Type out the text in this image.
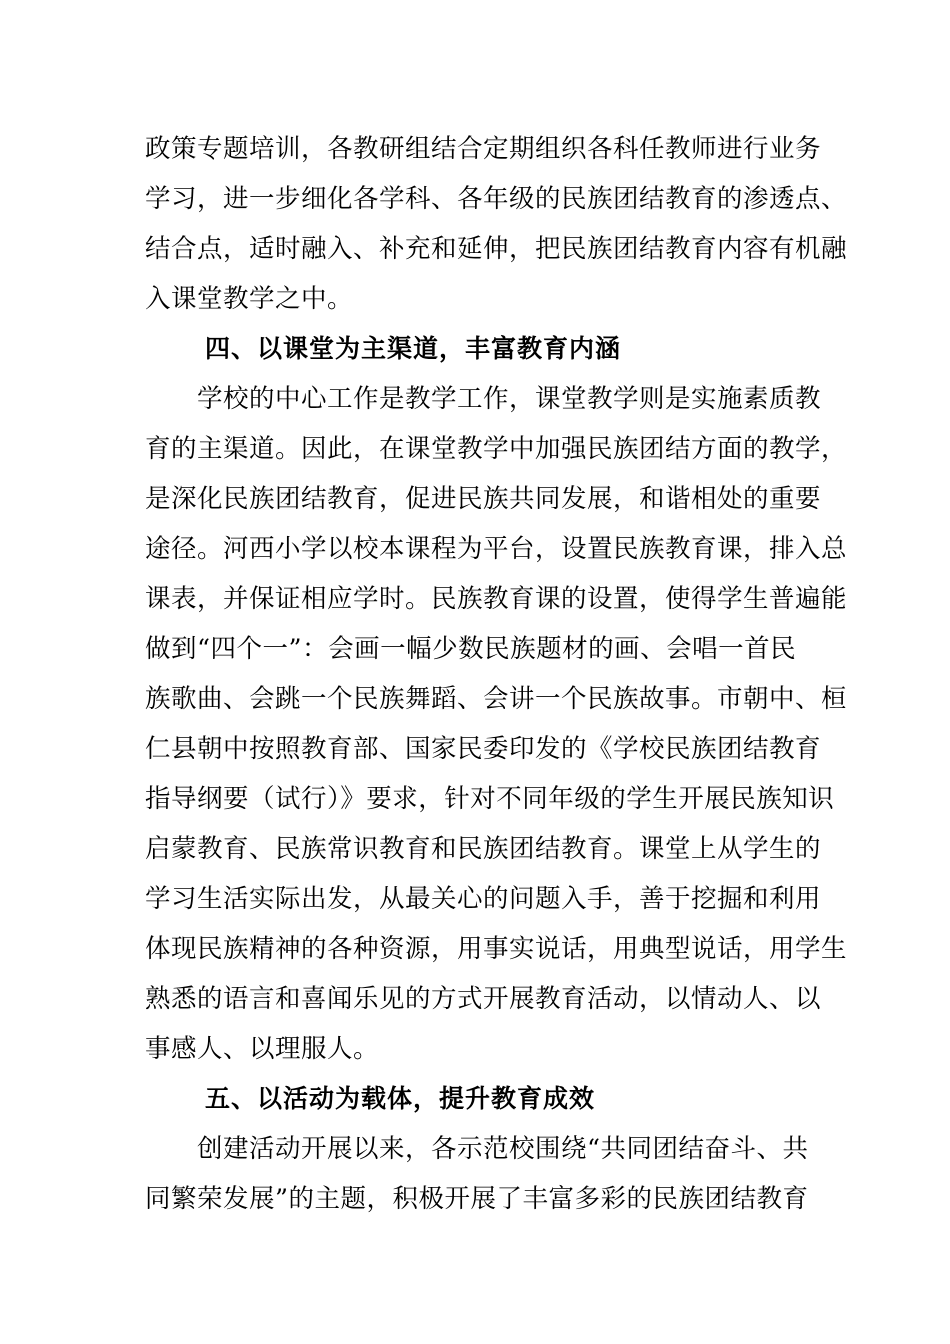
政策专题培训，各教研组结合定期组织各科任教师进行业务
学习，进一步细化各学科、各年级的民族团结教育的渗透点、
结合点，适时融入、补充和延伸，把民族团结教育内容有机融
入课堂教学之中。
四、以课堂为主渠道，丰富教育内涵
学校的中心工作是教学工作，课堂教学则是实施素质教
育的主渠道。因此，在课堂教学中加强民族团结方面的教学，
是深化民族团结教育，促进民族共同发展，和谐相处的重要
途径。河西小学以校本课程为平台，设置民族教育课，排入总
课表，并保证相应学时。民族教育课的设置，使得学生普遍能
做到“四个一”：会画一幅少数民族题材的画、会唱一首民
族歌曲、会跳一个民族舞蹈、会讲一个民族故事。市朝中、桓
仁县朝中按照教育部、国家民委印发的《学校民族团结教育
指导纲要（试行）》要求，针对不同年级的学生开展民族知识
启蒙教育、民族常识教育和民族团结教育。课堂上从学生的
学习生活实际出发，从最关心的问题入手，善于挖掘和利用
体现民族精神的各种资源，用事实说话，用典型说话，用学生
熟悉的语言和喜闻乐见的方式开展教育活动，以情动人、以
事感人、以理服人。
五、以活动为载体，提升教育成效
创建活动开展以来，各示范校围绕“共同团结奋斗、共
同繁荣发展”的主题，积极开展了丰富多彩的民族团结教育
